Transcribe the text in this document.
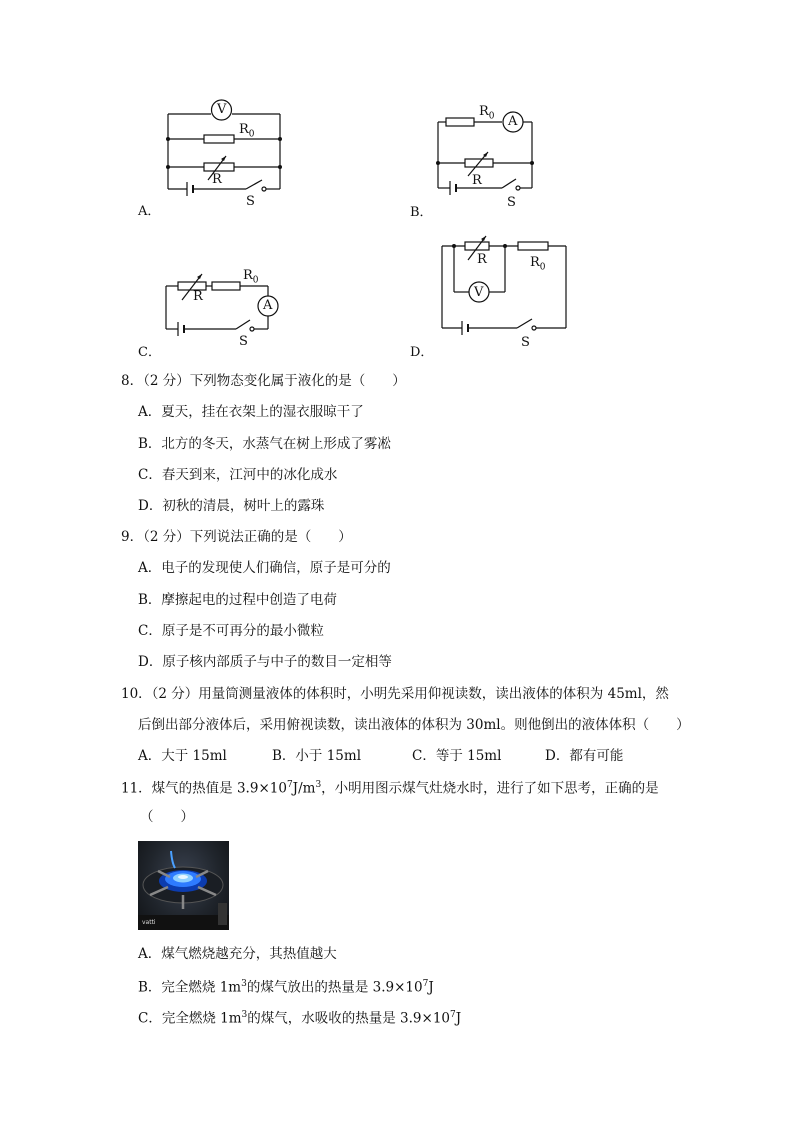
V
$R_0$
R
S
A．
$R_0$ A
R
S
B．
$R_0$
R
A
S
C．
R	$R_0$
V
S
D．
8．（2 分）下列物态变化属于液化的是（　　）
A．夏天，挂在衣架上的湿衣服晾干了
B．北方的冬天，水蒸气在树上形成了雾凇
C．春天到来，江河中的冰化成水
D．初秋的清晨，树叶上的露珠
9．（2 分）下列说法正确的是（　　）
A．电子的发现使人们确信，原子是可分的
B．摩擦起电的过程中创造了电荷
C．原子是不可再分的最小微粒
D．原子核内部质子与中子的数目一定相等
10．（2 分）用量筒测量液体的体积时，小明先采用仰视读数，读出液体的体积为 45ml，然
后倒出部分液体后，采用俯视读数，读出液体的体积为 30ml。则他倒出的液体体积（　　）
A．大于 15ml	B．小于 15ml	C．等于 15ml	D．都有可能
11．煤气的热值是 $3.9\times 10^7J/m^3$，小明用图示煤气灶烧水时，进行了如下思考，正确的是
（　　）
vatti
A．煤气燃烧越充分，其热值越大
B．完全燃烧 $1m^3$的煤气放出的热量是 $3.9\times 10^7J$
C．完全燃烧 $1m^3$的煤气，水吸收的热量是 $3.9\times 10^7J$
